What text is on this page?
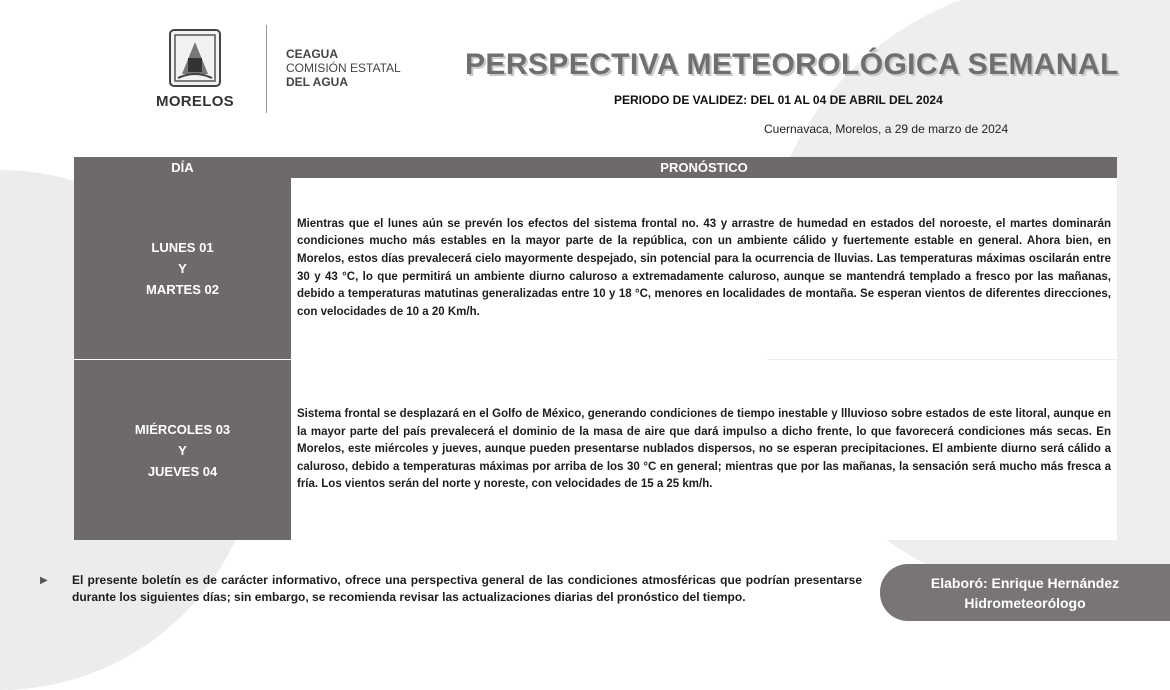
MORELOS
CEAGUA
COMISIÓN ESTATAL
DEL AGUA
PERSPECTIVA METEOROLÓGICA SEMANAL
PERIODO DE VALIDEZ: DEL 01 AL 04 DE ABRIL DEL 2024
Cuernavaca, Morelos, a 29 de marzo de 2024
DÍA	PRONÓSTICO
LUNES 01
Y
MARTES 02

Mientras que el lunes aún se prevén los efectos del sistema frontal no. 43 y arrastre de humedad en estados del noroeste, el martes dominarán condiciones mucho más estables en la mayor parte de la república, con un ambiente cálido y fuertemente estable en general. Ahora bien, en Morelos, estos días prevalecerá cielo mayormente despejado, sin potencial para la ocurrencia de lluvias. Las temperaturas máximas oscilarán entre 30 y 43 °C, lo que permitirá un ambiente diurno caluroso a extremadamente caluroso, aunque se mantendrá templado a fresco por las mañanas, debido a temperaturas matutinas generalizadas entre 10 y 18 °C, menores en localidades de montaña. Se esperan vientos de diferentes direcciones, con velocidades de 10 a 20 Km/h.

MIÉRCOLES 03
Y
JUEVES 04

Sistema frontal se desplazará en el Golfo de México, generando condiciones de tiempo inestable y llluvioso sobre estados de este litoral, aunque en la mayor parte del país prevalecerá el dominio de la masa de aire que dará impulso a dicho frente, lo que favorecerá condiciones más secas. En Morelos, este miércoles y jueves, aunque pueden presentarse nublados dispersos, no se esperan precipitaciones. El ambiente diurno será cálido a caluroso, debido a temperaturas máximas por arriba de los 30 °C en general; mientras que por las mañanas, la sensación será mucho más fresca a fría. Los vientos serán del norte y noreste, con velocidades de 15 a 25 km/h.

▶ El presente boletín es de carácter informativo, ofrece una perspectiva general de las condiciones atmosféricas que podrían presentarse durante los siguientes días; sin embargo, se recomienda revisar las actualizaciones diarias del pronóstico del tiempo.
Elaboró: Enrique Hernández
Hidrometeorólogo
